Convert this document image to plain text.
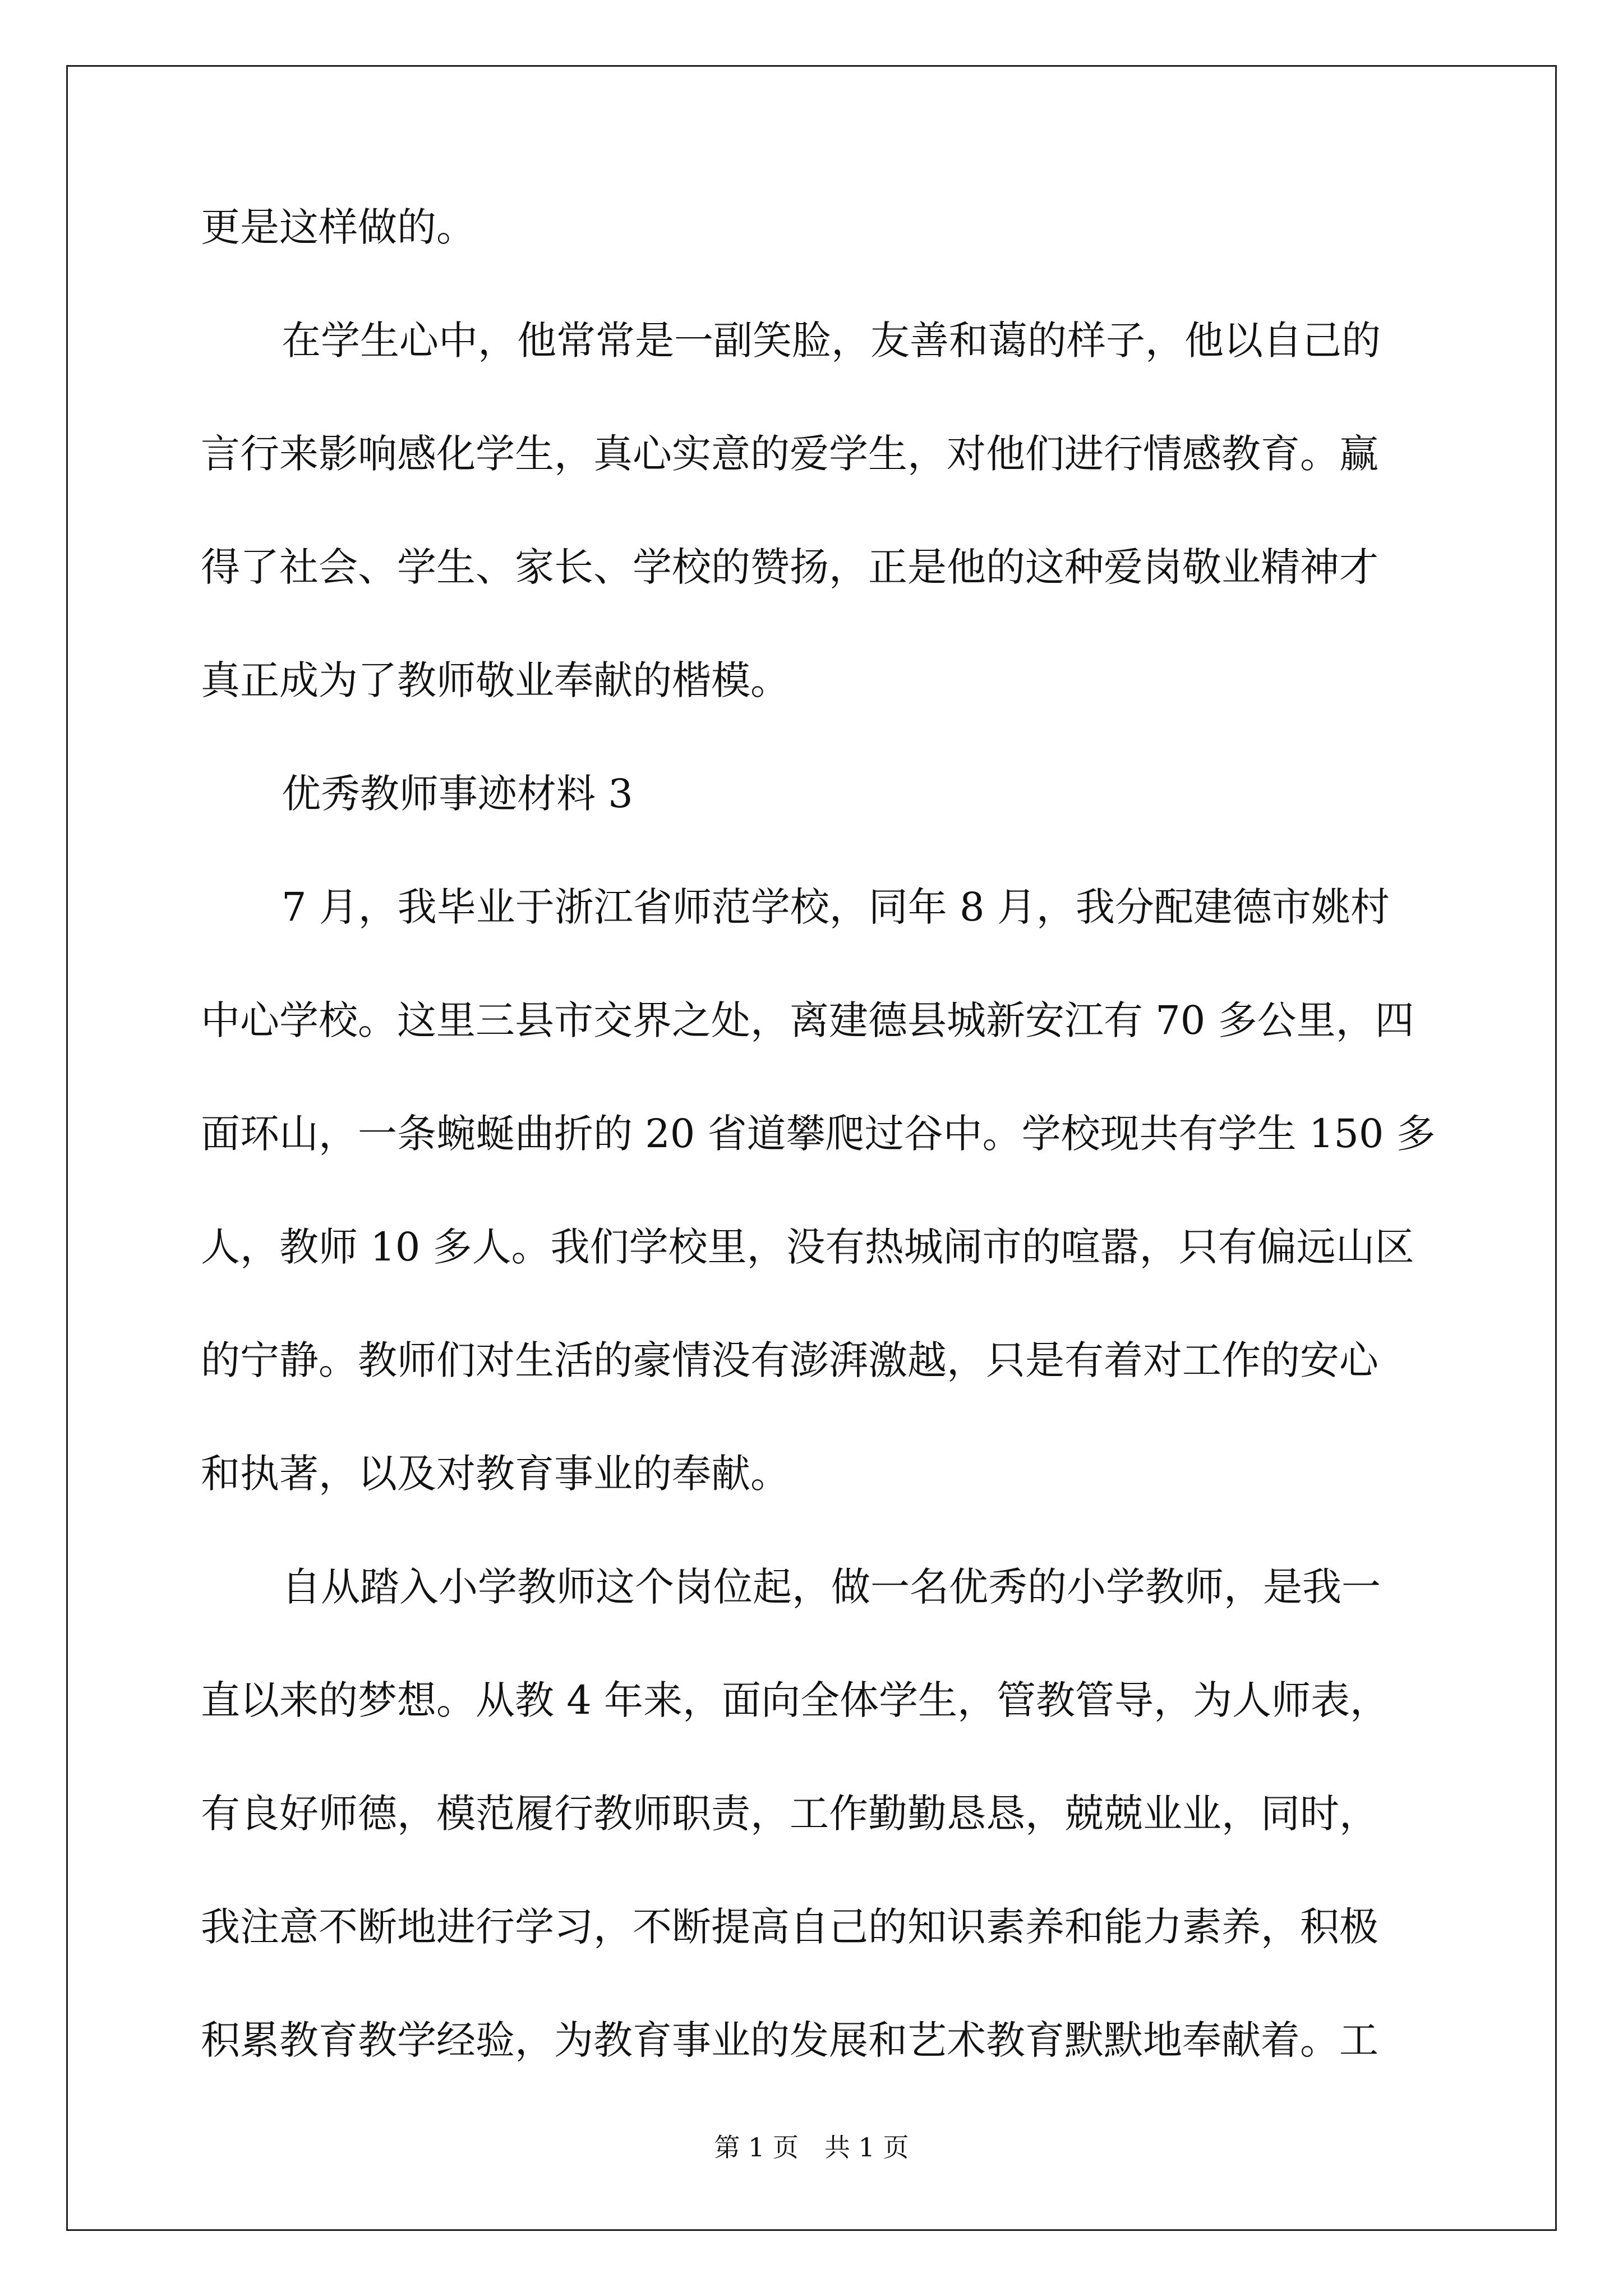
更是这样做的。
在学生心中，他常常是一副笑脸，友善和蔼的样子，他以自己的
言行来影响感化学生，真心实意的爱学生，对他们进行情感教育。赢
得了社会、学生、家长、学校的赞扬，正是他的这种爱岗敬业精神才
真正成为了教师敬业奉献的楷模。
优秀教师事迹材料 3
7 月，我毕业于浙江省师范学校，同年 8 月，我分配建德市姚村
中心学校。这里三县市交界之处，离建德县城新安江有 70 多公里，四
面环山，一条蜿蜒曲折的 20 省道攀爬过谷中。学校现共有学生 150 多
人，教师 10 多人。我们学校里，没有热城闹市的喧嚣，只有偏远山区
的宁静。教师们对生活的豪情没有澎湃激越，只是有着对工作的安心
和执著，以及对教育事业的奉献。
自从踏入小学教师这个岗位起，做一名优秀的小学教师，是我一
直以来的梦想。从教 4 年来，面向全体学生，管教管导，为人师表，
有良好师德，模范履行教师职责，工作勤勤恳恳，兢兢业业，同时，
我注意不断地进行学习，不断提高自己的知识素养和能力素养，积极
积累教育教学经验，为教育事业的发展和艺术教育默默地奉献着。工
第 1 页　共 1 页
